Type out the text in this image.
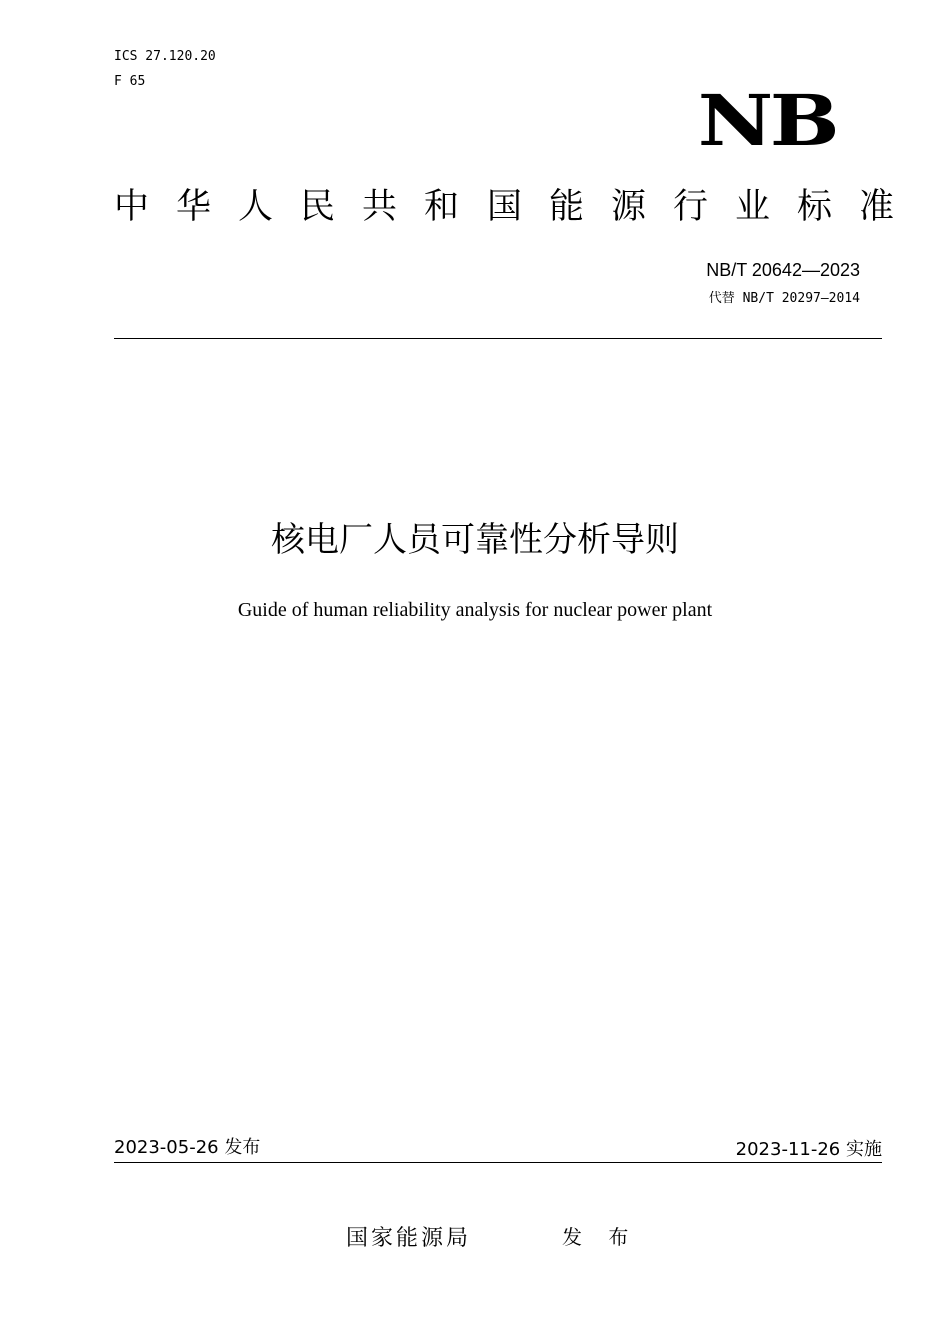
ICS 27.120.20
F 65	NB
中 华 人 民 共 和 国 能 源 行 业 标 准
NB/T 20642—2023
代替 NB/T 20297—2014
核电厂人员可靠性分析导则
Guide of human reliability analysis for nuclear power plant
2023-05-26 发布	2023-11-26 实施
国家能源局	发 布
